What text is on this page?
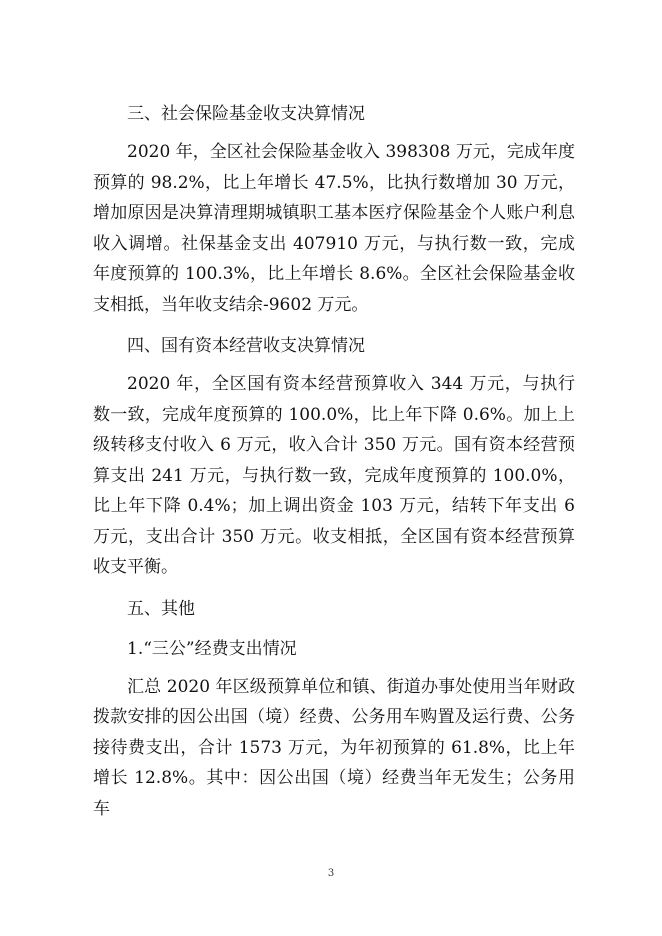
三、社会保险基金收支决算情况

2020 年，全区社会保险基金收入 398308 万元，完成年度预算的 98.2%，比上年增长 47.5%，比执行数增加 30 万元，增加原因是决算清理期城镇职工基本医疗保险基金个人账户利息收入调增。社保基金支出 407910 万元，与执行数一致，完成年度预算的 100.3%，比上年增长 8.6%。全区社会保险基金收支相抵，当年收支结余-9602 万元。

四、国有资本经营收支决算情况

2020 年，全区国有资本经营预算收入 344 万元，与执行数一致，完成年度预算的 100.0%，比上年下降 0.6%。加上上级转移支付收入 6 万元，收入合计 350 万元。国有资本经营预算支出 241 万元，与执行数一致，完成年度预算的 100.0%，比上年下降 0.4%；加上调出资金 103 万元，结转下年支出 6 万元，支出合计 350 万元。收支相抵，全区国有资本经营预算收支平衡。

五、其他
1.“三公”经费支出情况

汇总 2020 年区级预算单位和镇、街道办事处使用当年财政拨款安排的因公出国（境）经费、公务用车购置及运行费、公务接待费支出，合计 1573 万元，为年初预算的 61.8%，比上年增长 12.8%。其中：因公出国（境）经费当年无发生；公务用车

3
